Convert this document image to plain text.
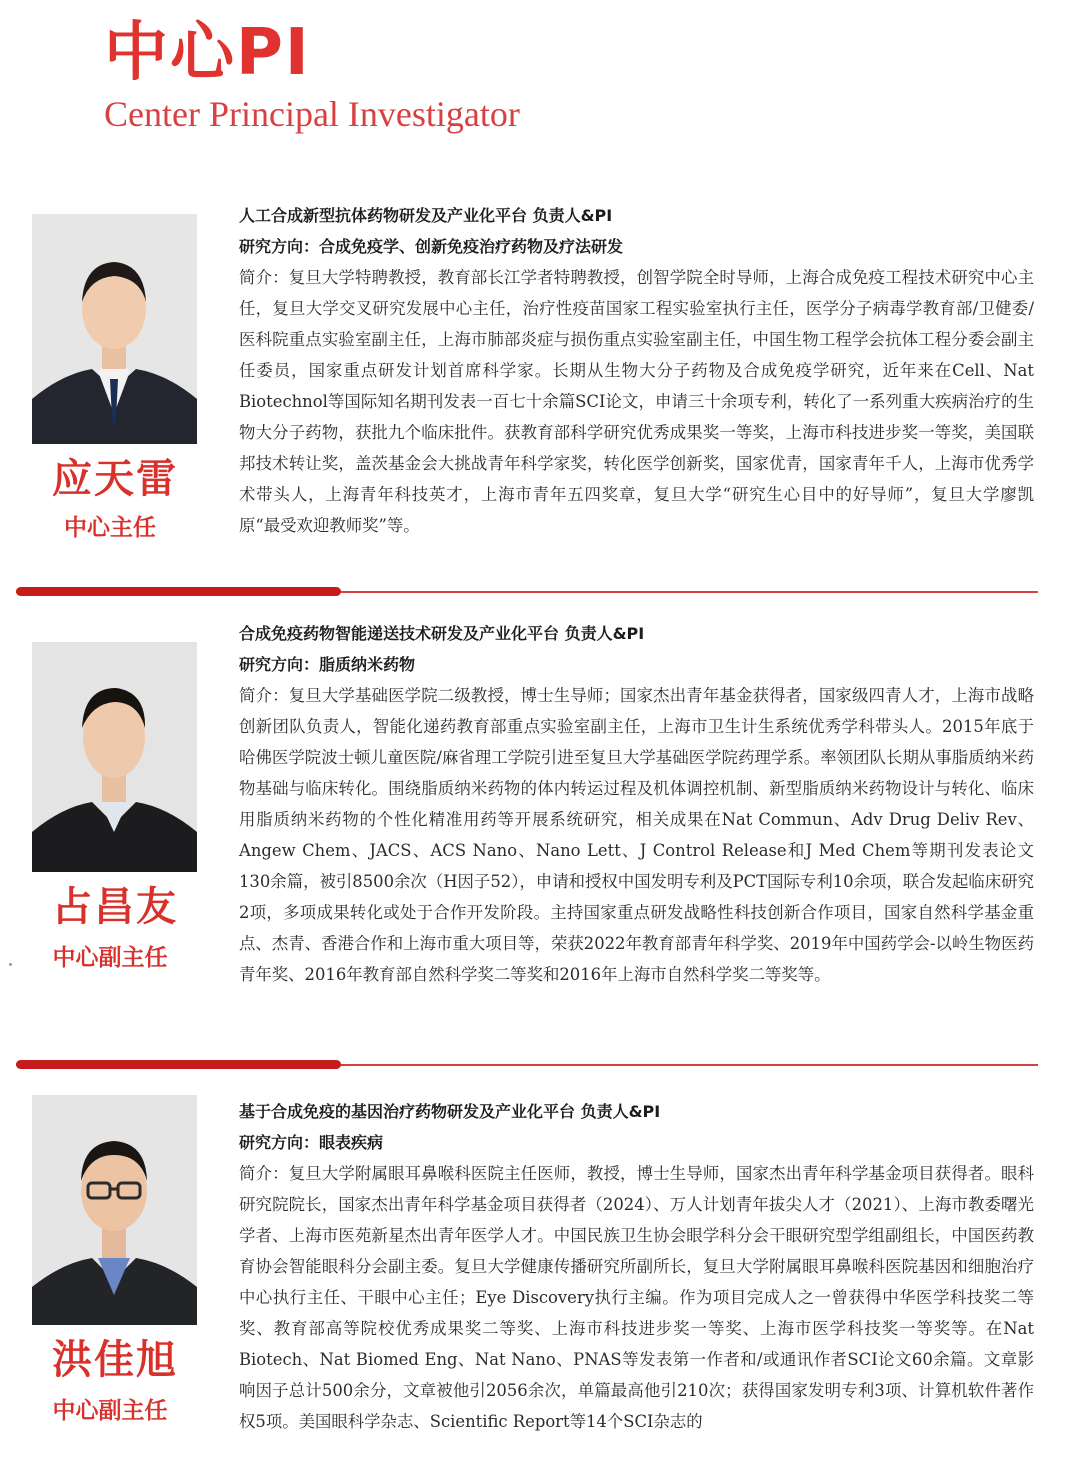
中心PI
Center Principal Investigator
应天雷
中心主任
人工合成新型抗体药物研发及产业化平台 负责人&PI
研究方向：合成免疫学、创新免疫治疗药物及疗法研发

简介：复旦大学特聘教授，教育部长江学者特聘教授，创智学院全时导师，上海合成免疫工程技术研究中心主任，复旦大学交叉研究发展中心主任，治疗性疫苗国家工程实验室执行主任，医学分子病毒学教育部/卫健委/医科院重点实验室副主任，上海市肺部炎症与损伤重点实验室副主任，中国生物工程学会抗体工程分委会副主任委员，国家重点研发计划首席科学家。长期从生物大分子药物及合成免疫学研究，近年来在Cell、Nat Biotechnol等国际知名期刊发表一百七十余篇SCI论文，申请三十余项专利，转化了一系列重大疾病治疗的生物大分子药物，获批九个临床批件。获教育部科学研究优秀成果奖一等奖，上海市科技进步奖一等奖，美国联邦技术转让奖，盖茨基金会大挑战青年科学家奖，转化医学创新奖，国家优青，国家青年千人，上海市优秀学术带头人，上海青年科技英才，上海市青年五四奖章，复旦大学“研究生心目中的好导师”，复旦大学廖凯原“最受欢迎教师奖”等。

占昌友
中心副主任
合成免疫药物智能递送技术研发及产业化平台 负责人&PI
研究方向：脂质纳米药物

简介：复旦大学基础医学院二级教授，博士生导师；国家杰出青年基金获得者，国家级四青人才，上海市战略创新团队负责人，智能化递药教育部重点实验室副主任，上海市卫生计生系统优秀学科带头人。2015年底于哈佛医学院波士顿儿童医院/麻省理工学院引进至复旦大学基础医学院药理学系。率领团队长期从事脂质纳米药物基础与临床转化。围绕脂质纳米药物的体内转运过程及机体调控机制、新型脂质纳米药物设计与转化、临床用脂质纳米药物的个性化精准用药等开展系统研究，相关成果在Nat Commun、Adv Drug Deliv Rev、Angew Chem、JACS、ACS Nano、Nano Lett、J Control Release和J Med Chem等期刊发表论文130余篇，被引8500余次（H因子52），申请和授权中国发明专利及PCT国际专利10余项，联合发起临床研究2项，多项成果转化或处于合作开发阶段。主持国家重点研发战略性科技创新合作项目，国家自然科学基金重点、杰青、香港合作和上海市重大项目等，荣获2022年教育部青年科学奖、2019年中国药学会-以岭生物医药青年奖、2016年教育部自然科学奖二等奖和2016年上海市自然科学奖二等奖等。

洪佳旭
中心副主任
基于合成免疫的基因治疗药物研发及产业化平台 负责人&PI
研究方向：眼表疾病

简介：复旦大学附属眼耳鼻喉科医院主任医师，教授，博士生导师，国家杰出青年科学基金项目获得者。眼科研究院院长，国家杰出青年科学基金项目获得者（2024）、万人计划青年拔尖人才（2021）、上海市教委曙光学者、上海市医苑新星杰出青年医学人才。中国民族卫生协会眼学科分会干眼研究型学组副组长，中国医药教育协会智能眼科分会副主委。复旦大学健康传播研究所副所长，复旦大学附属眼耳鼻喉科医院基因和细胞治疗中心执行主任、干眼中心主任；Eye Discovery执行主编。作为项目完成人之一曾获得中华医学科技奖二等奖、教育部高等院校优秀成果奖二等奖、上海市科技进步奖一等奖、上海市医学科技奖一等奖等。在Nat Biotech、Nat Biomed Eng、Nat Nano、PNAS等发表第一作者和/或通讯作者SCI论文60余篇。文章影响因子总计500余分，文章被他引2056余次，单篇最高他引210次；获得国家发明专利3项、计算机软件著作权5项。美国眼科学杂志、Scientific Report等14个SCI杂志的
